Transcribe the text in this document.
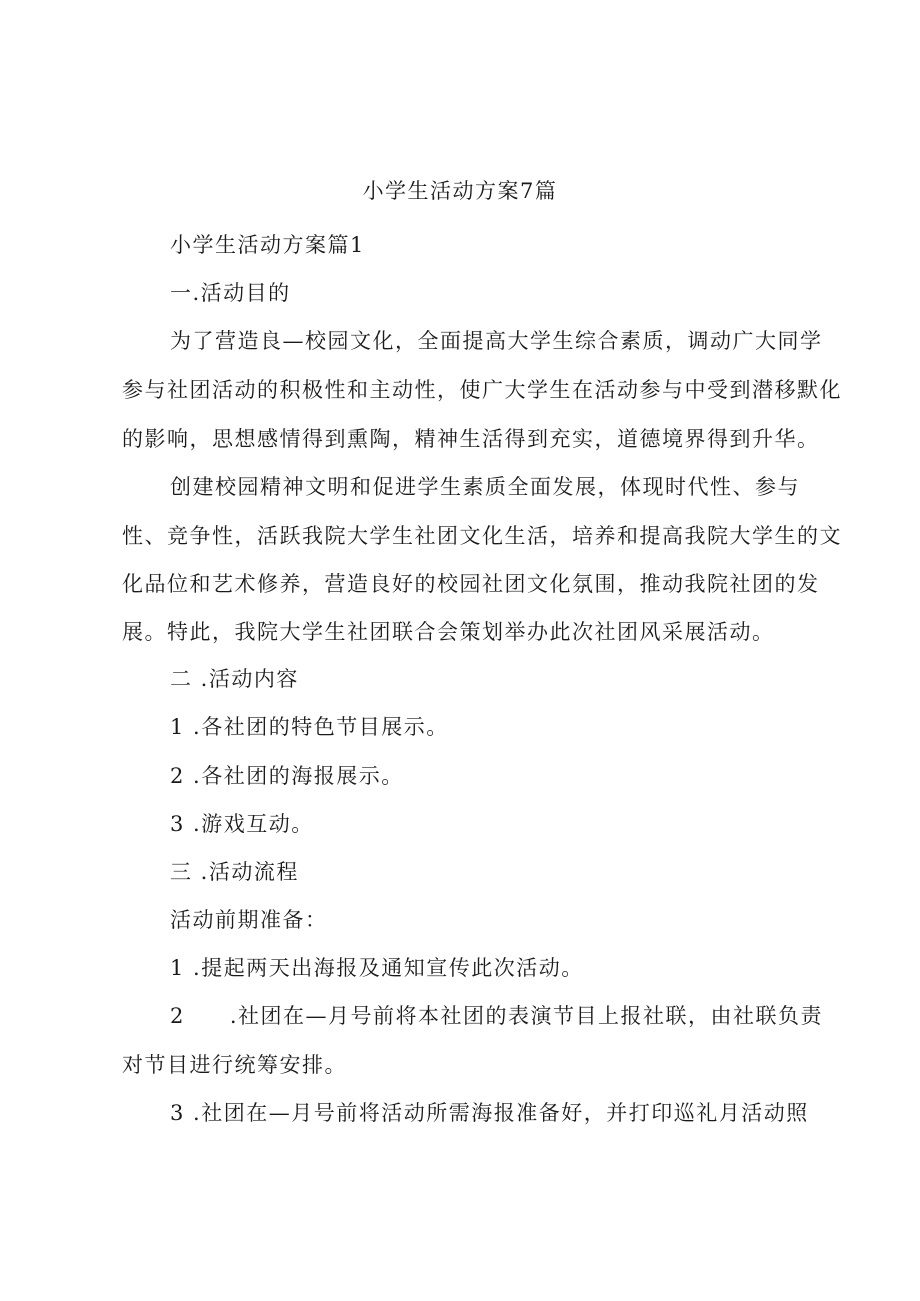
小学生活动方案7篇
小学生活动方案篇1
一.活动目的
为了营造良—校园文化，全面提高大学生综合素质，调动广大同学
参与社团活动的积极性和主动性，使广大学生在活动参与中受到潜移默化
的影响，思想感情得到熏陶，精神生活得到充实，道德境界得到升华。
创建校园精神文明和促进学生素质全面发展，体现时代性、参与
性、竞争性，活跃我院大学生社团文化生活，培养和提高我院大学生的文
化品位和艺术修养，营造良好的校园社团文化氛围，推动我院社团的发
展。特此，我院大学生社团联合会策划举办此次社团风采展活动。
二 .活动内容
1 .各社团的特色节目展示。
2 .各社团的海报展示。
3 .游戏互动。
三 .活动流程
活动前期准备：
1 .提起两天出海报及通知宣传此次活动。
2　　.社团在—月号前将本社团的表演节目上报社联，由社联负责
对节目进行统筹安排。
3 .社团在—月号前将活动所需海报准备好，并打印巡礼月活动照
